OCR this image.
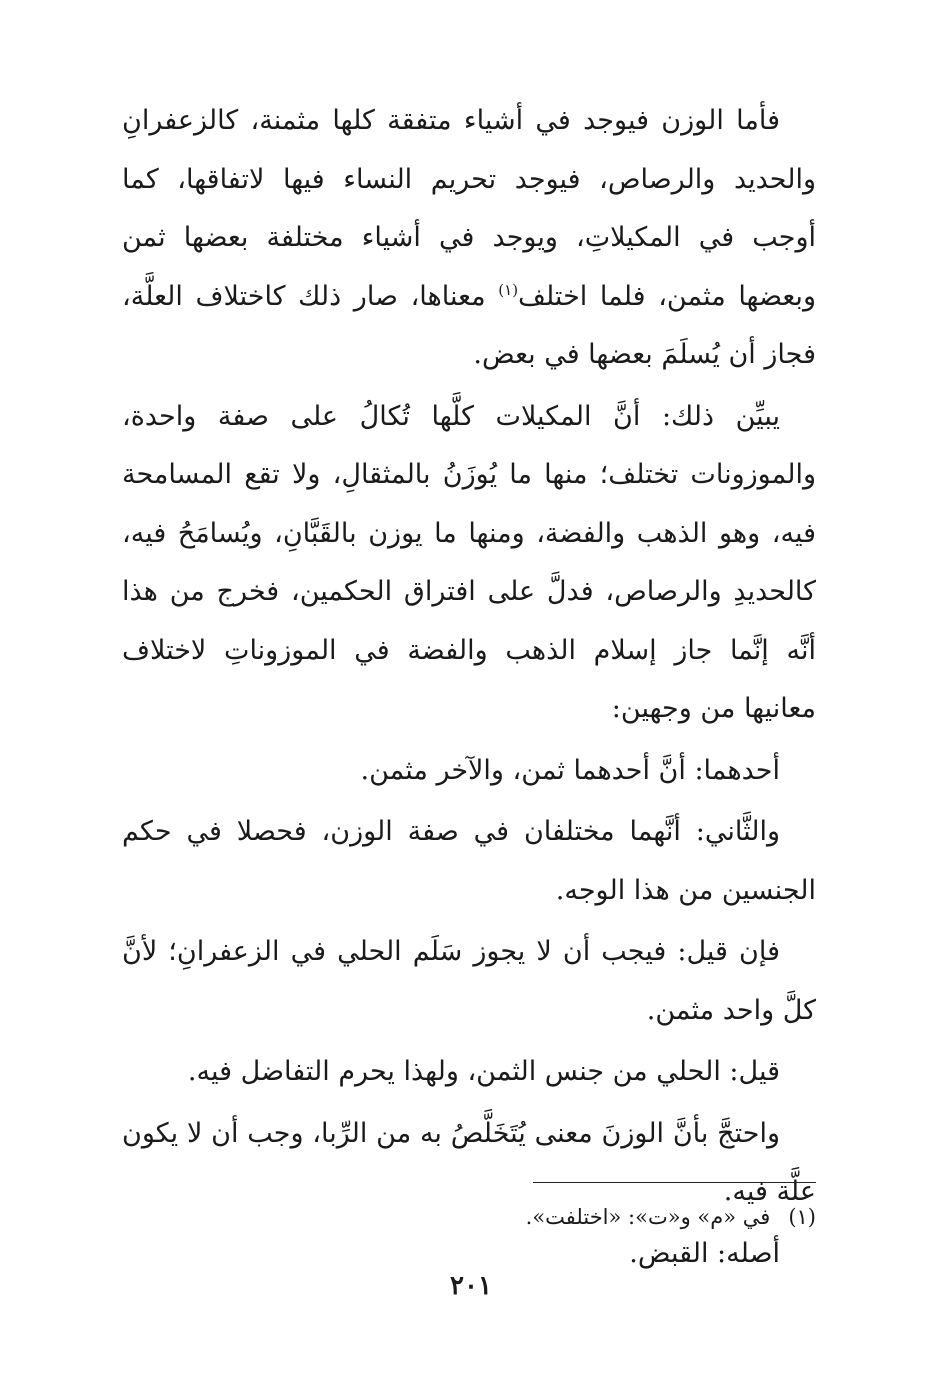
فأما الوزن فيوجد في أشياء متفقة كلها مثمنة، كالزعفرانِ والحديد والرصاص، فيوجد تحريم النساء فيها لاتفاقها، كما أوجب في المكيلاتِ، ويوجد في أشياء مختلفة بعضها ثمن وبعضها مثمن، فلما اختلف$^{(١)}$ معناها، صار ذلك كاختلاف العلَّة، فجاز أن يُسلَمَ بعضها في بعض.

يبيِّن ذلك: أنَّ المكيلات كلَّها تُكالُ على صفة واحدة، والموزونات تختلف؛ منها ما يُوزَنُ بالمثقالِ، ولا تقع المسامحة فيه، وهو الذهب والفضة، ومنها ما يوزن بالقَبَّانِ، ويُسامَحُ فيه، كالحديدِ والرصاص، فدلَّ على افتراق الحكمين، فخرج من هذا أنَّه إنَّما جاز إسلام الذهب والفضة في الموزوناتِ لاختلاف معانيها من وجهين:

أحدهما: أنَّ أحدهما ثمن، والآخر مثمن.

والثَّاني: أنَّهما مختلفان في صفة الوزن، فحصلا في حكم الجنسين من هذا الوجه.

فإن قيل: فيجب أن لا يجوز سَلَم الحلي في الزعفرانِ؛ لأنَّ كلَّ واحد مثمن.

قيل: الحلي من جنس الثمن، ولهذا يحرم التفاضل فيه.

واحتجَّ بأنَّ الوزنَ معنى يُتَخَلَّصُ به من الرِّبا، وجب أن لا يكون علَّة فيه.

أصله: القبض.

(١)في «م» و«ت»: «اختلفت».
٢٠١
